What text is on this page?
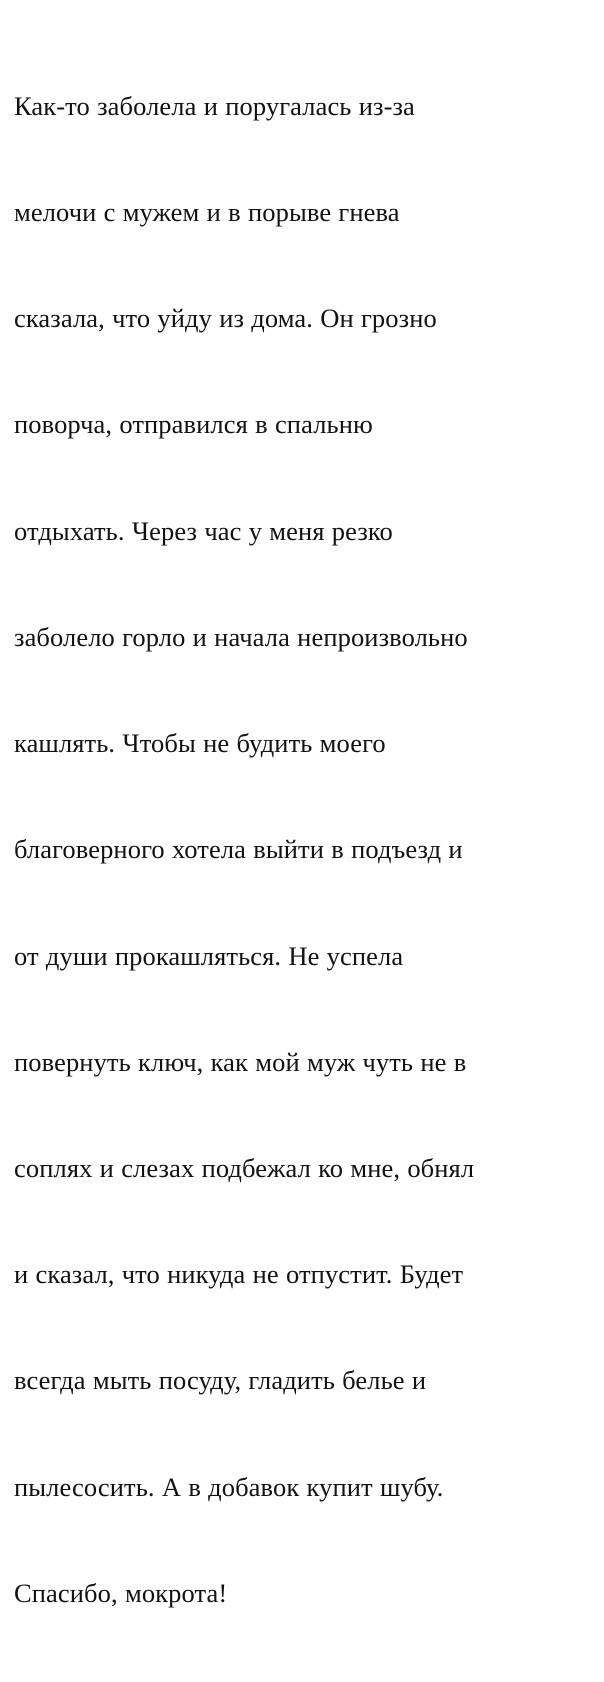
Как-то заболела и поругалась из-за

мелочи с мужем и в порыве гнева

сказала, что уйду из дома. Он грозно

поворча, отправился в спальню

отдыхать. Через час у меня резко

заболело горло и начала непроизвольно

кашлять. Чтобы не будить моего

благоверного хотела выйти в подъезд и

от души прокашляться. Не успела

повернуть ключ, как мой муж чуть не в

соплях и слезах подбежал ко мне, обнял

и сказал, что никуда не отпустит. Будет

всегда мыть посуду, гладить белье и

пылесосить. А в добавок купит шубу.

Спасибо, мокрота!
